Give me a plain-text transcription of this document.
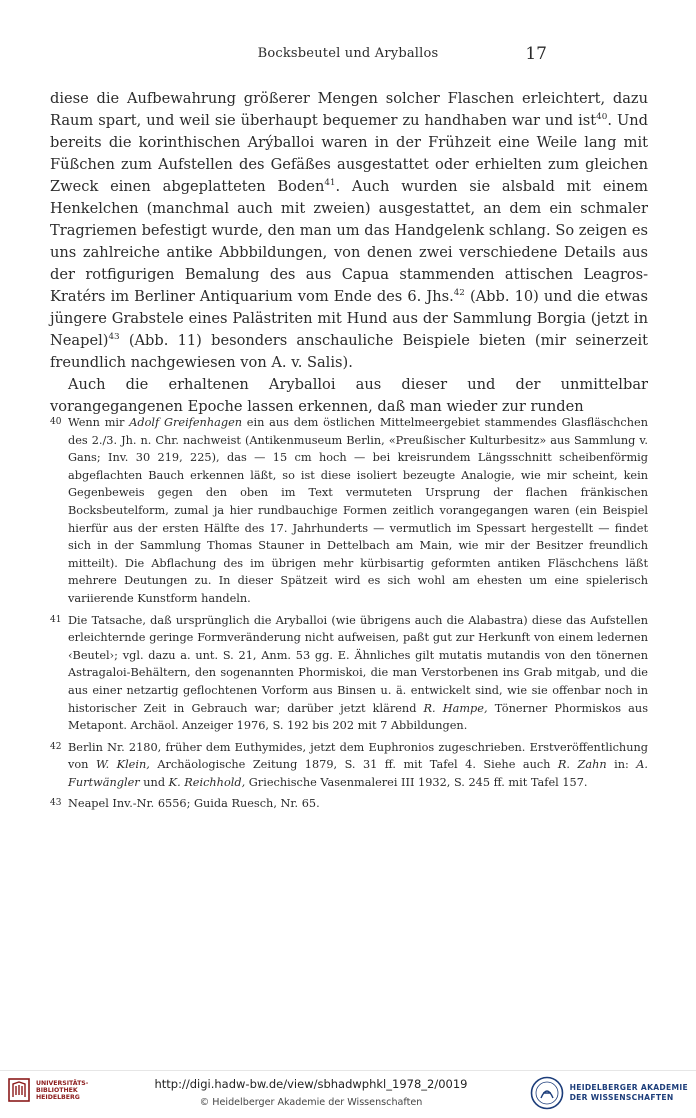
Bocksbeutel und Aryballos	17

diese die Aufbewahrung größerer Mengen solcher Flaschen erleichtert, dazu Raum spart, und weil sie überhaupt bequemer zu handhaben war und ist$^{40}$. Und bereits die korinthischen Arýballoi waren in der Frühzeit eine Weile lang mit Füßchen zum Aufstellen des Gefäßes ausgestattet oder erhielten zum gleichen Zweck einen abgeplatteten Boden$^{41}$. Auch wurden sie alsbald mit einem Henkelchen (manchmal auch mit zweien) ausgestattet, an dem ein schmaler Tragriemen befestigt wurde, den man um das Handgelenk schlang. So zeigen es uns zahlreiche antike Abbbildungen, von denen zwei verschiedene Details aus der rotfigurigen Bemalung des aus Capua stammenden attischen Leagros-Kratérs im Berliner Antiquarium vom Ende des 6. Jhs.$^{42}$ (Abb. 10) und die etwas jüngere Grabstele eines Palästriten mit Hund aus der Sammlung Borgia (jetzt in Neapel)$^{43}$ (Abb. 11) besonders anschauliche Beispiele bieten (mir seinerzeit freundlich nachgewiesen von A. v. Salis).

Auch die erhaltenen Aryballoi aus dieser und der unmittelbar vorangegangenen Epoche lassen erkennen, daß man wieder zur runden

40 Wenn mir Adolf Greifenhagen ein aus dem östlichen Mittelmeergebiet stammendes Glasfläschchen des 2./3. Jh. n. Chr. nachweist (Antikenmuseum Berlin, «Preußischer Kulturbesitz» aus Sammlung v. Gans; Inv. 30 219, 225), das — 15 cm hoch — bei kreisrundem Längsschnitt scheibenförmig abgeflachten Bauch erkennen läßt, so ist diese isoliert bezeugte Analogie, wie mir scheint, kein Gegenbeweis gegen den oben im Text vermuteten Ursprung der flachen fränkischen Bocksbeutelform, zumal ja hier rundbauchige Formen zeitlich vorangegangen waren (ein Beispiel hierfür aus der ersten Hälfte des 17. Jahrhunderts — vermutlich im Spessart hergestellt — findet sich in der Sammlung Thomas Stauner in Dettelbach am Main, wie mir der Besitzer freundlich mitteilt). Die Abflachung des im übrigen mehr kürbisartig geformten antiken Fläschchens läßt mehrere Deutungen zu. In dieser Spätzeit wird es sich wohl am ehesten um eine spielerisch variierende Kunstform handeln.

41 Die Tatsache, daß ursprünglich die Aryballoi (wie übrigens auch die Alabastra) diese das Aufstellen erleichternde geringe Formveränderung nicht aufweisen, paßt gut zur Herkunft von einem ledernen ‹Beutel›; vgl. dazu a. unt. S. 21, Anm. 53 gg. E. Ähnliches gilt mutatis mutandis von den tönernen Astragaloi-Behältern, den sogenannten Phormiskoi, die man Verstorbenen ins Grab mitgab, und die aus einer netzartig geflochtenen Vorform aus Binsen u. ä. entwickelt sind, wie sie offenbar noch in historischer Zeit in Gebrauch war; darüber jetzt klärend R. Hampe, Tönerner Phormiskos aus Metapont. Archäol. Anzeiger 1976, S. 192 bis 202 mit 7 Abbildungen.

42 Berlin Nr. 2180, früher dem Euthymides, jetzt dem Euphronios zugeschrieben. Erstveröffentlichung von W. Klein, Archäologische Zeitung 1879, S. 31 ff. mit Tafel 4. Siehe auch R. Zahn in: A. Furtwängler und K. Reichhold, Griechische Vasenmalerei III 1932, S. 245 ff. mit Tafel 157.

43 Neapel Inv.-Nr. 6556; Guida Ruesch, Nr. 65.

UNIVERSITÄTS-
BIBLIOTHEK
HEIDELBERG
http://digi.hadw-bw.de/view/sbhadwphkl_1978_2/0019
© Heidelberger Akademie der Wissenschaften
HEIDELBERGER AKADEMIE
DER WISSENSCHAFTEN
